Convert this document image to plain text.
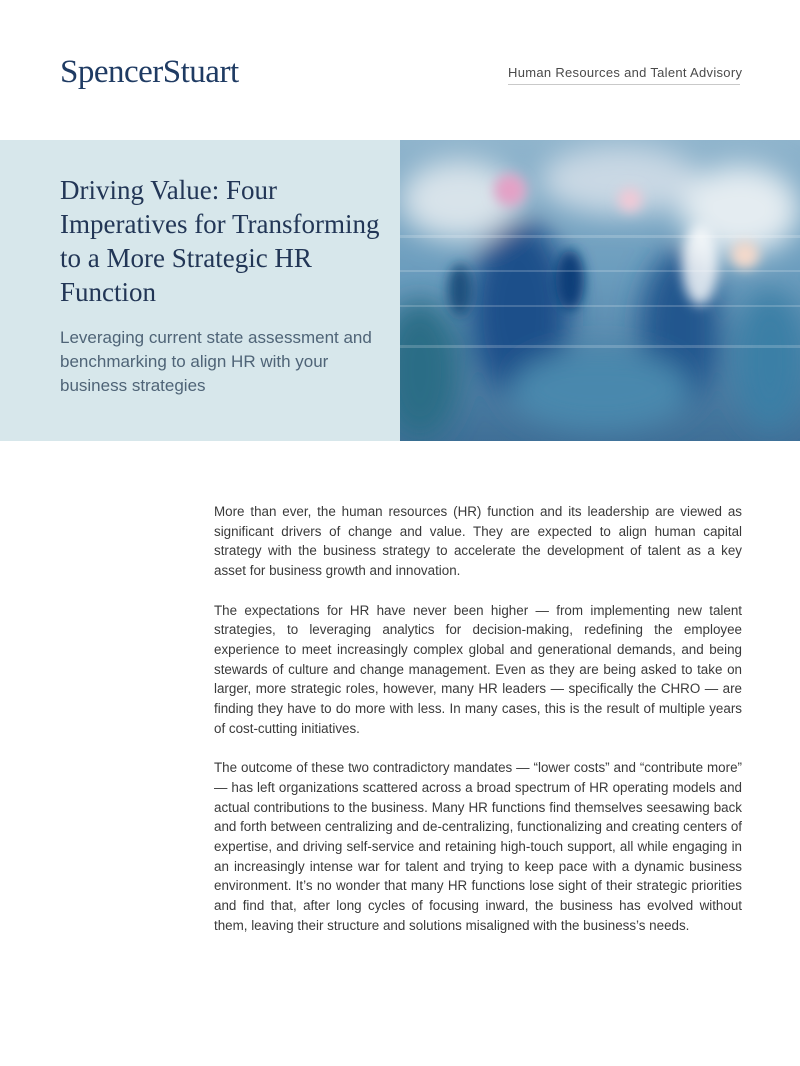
SpencerStuart	Human Resources and Talent Advisory
Driving Value: Four Imperatives for Transforming to a More Strategic HR Function

Leveraging current state assessment and benchmarking to align HR with your business strategies

More than ever, the human resources (HR) function and its leadership are viewed as significant drivers of change and value. They are expected to align human capital strategy with the business strategy to accelerate the development of talent as a key asset for business growth and innovation.

The expectations for HR have never been higher — from implementing new talent strategies, to leveraging analytics for decision-making, redefining the employee experience to meet increasingly complex global and generational demands, and being stewards of culture and change management. Even as they are being asked to take on larger, more strategic roles, however, many HR leaders — specifically the CHRO — are finding they have to do more with less. In many cases, this is the result of multiple years of cost-cutting initiatives.

The outcome of these two contradictory mandates — “lower costs” and “contribute more” — has left organizations scattered across a broad spectrum of HR operating models and actual contributions to the business. Many HR functions find themselves seesawing back and forth between centralizing and de-centralizing, functionalizing and creating centers of expertise, and driving self-service and retaining high-touch support, all while engaging in an increasingly intense war for talent and trying to keep pace with a dynamic business environment. It’s no wonder that many HR functions lose sight of their strategic priorities and find that, after long cycles of focusing inward, the business has evolved without them, leaving their structure and solutions misaligned with the business’s needs.
